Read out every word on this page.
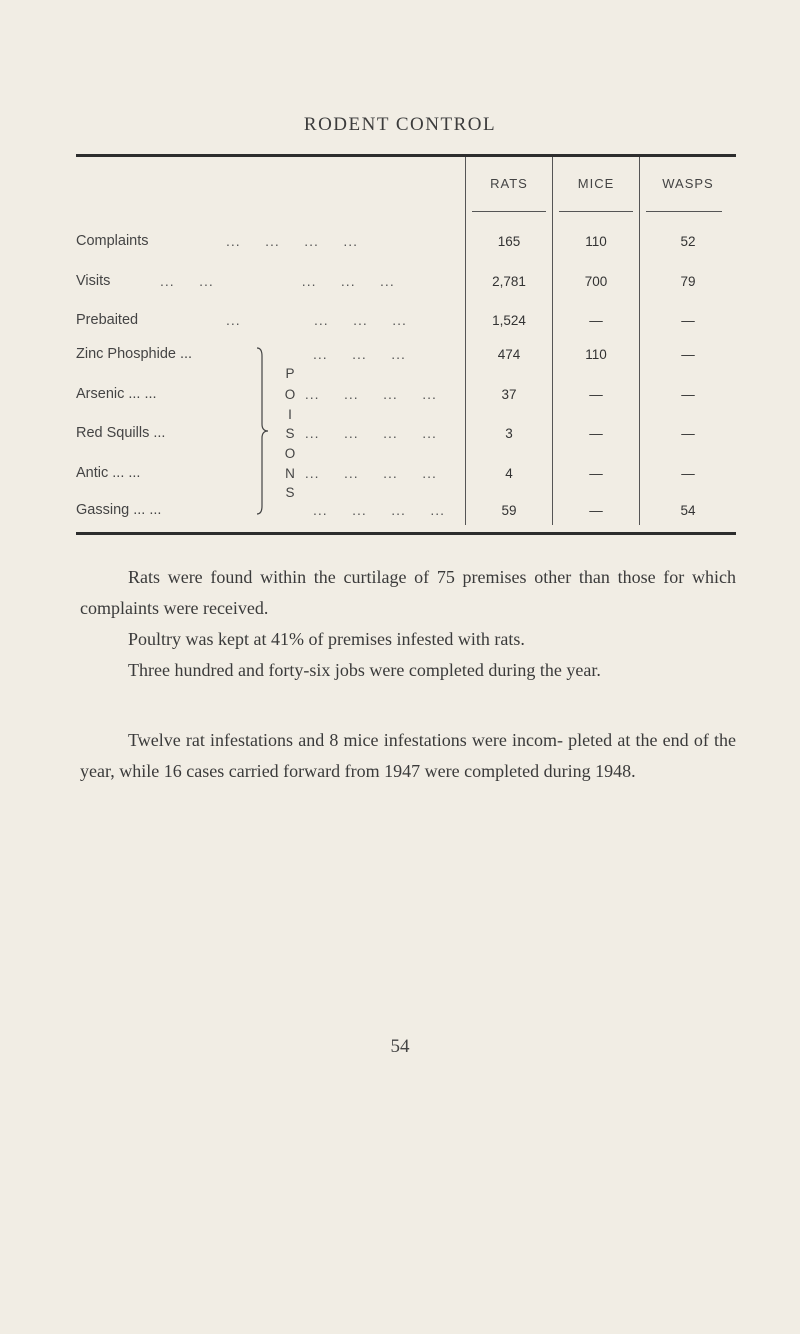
RODENT CONTROL
RATS	MICE	WASPS
Complaints	...     ...     ...     ...	165	110	52
Visits	...     ...                  ...     ...     ...	2,781	700	79
Prebaited	...               ...     ...     ...	1,524	—	—
Zinc Phosphide ...	...     ...     ...	474	110	—
Arsenic ... ...	...     ...     ...     ...	37	—	—
Red Squills ...	...     ...     ...     ...	3	—	—
Antic ... ...	...     ...     ...     ...	4	—	—
Gassing ... ...	...     ...     ...     ...	59	—	54
P
O
I
S
O
N
S
Rats were found within the curtilage of 75 premises other than those for which complaints were received.
Poultry was kept at 41% of premises infested with rats.
Three hundred and forty-six jobs were completed during the year.
Twelve rat infestations and 8 mice infestations were incom- pleted at the end of the year, while 16 cases carried forward from 1947 were completed during 1948.
54
